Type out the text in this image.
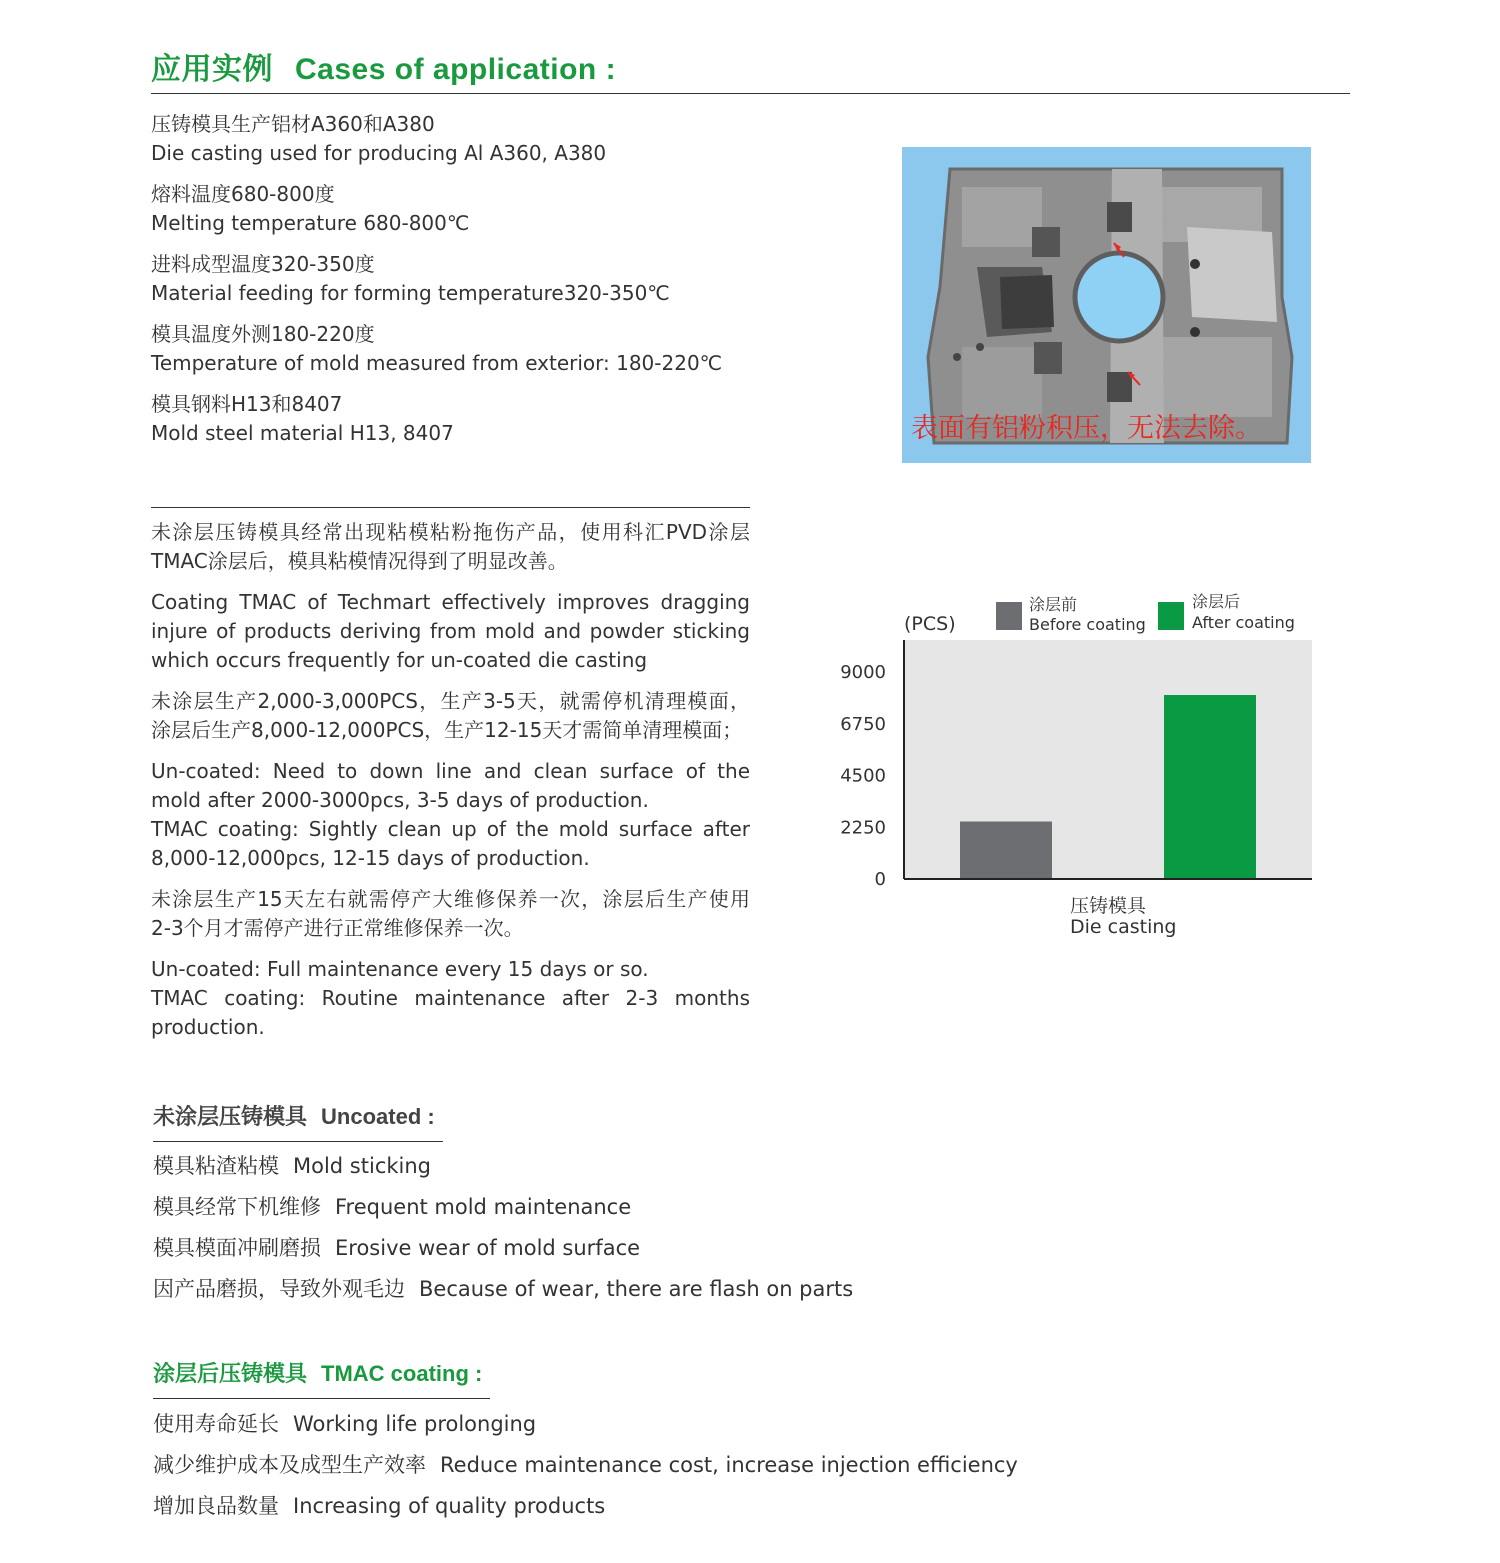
应用实例 Cases of application :
压铸模具生产铝材A360和A380
Die casting used for producing Al A360, A380
熔料温度680-800度
Melting temperature 680-800℃
进料成型温度320-350度
Material feeding for forming temperature320-350℃
模具温度外测180-220度
Temperature of mold measured from exterior: 180-220℃
模具钢料H13和8407
Mold steel material H13, 8407	表面有铝粉积压，无法去除。

未涂层压铸模具经常出现粘模粘粉拖伤产品，使用科汇PVD涂层
TMAC涂层后，模具粘模情况得到了明显改善。

Coating TMAC of Techmart effectively improves dragging
injure of products deriving from mold and powder sticking
which occurs frequently for un-coated die casting

未涂层生产2,000-3,000PCS，生产3-5天，就需停机清理模面，
涂层后生产8,000-12,000PCS，生产12-15天才需简单清理模面；

Un-coated: Need to down line and clean surface of the
mold after 2000-3000pcs, 3-5 days of production.
TMAC coating: Sightly clean up of the mold surface after
8,000-12,000pcs, 12-15 days of production.

未涂层生产15天左右就需停产大维修保养一次，涂层后生产使用
2-3个月才需停产进行正常维修保养一次。

Un-coated: Full maintenance every 15 days or so.
TMAC coating: Routine maintenance after 2-3 months
production.

(PCS)
涂层前
Before coating
涂层后
After coating
0
2250
4500
6750
9000
压铸模具
Die casting
未涂层压铸模具 Uncoated :
模具粘渣粘模 Mold sticking
模具经常下机维修 Frequent mold maintenance
模具模面冲刷磨损 Erosive wear of mold surface
因产品磨损，导致外观毛边 Because of wear, there are flash on parts
涂层后压铸模具 TMAC coating :
使用寿命延长 Working life prolonging
减少维护成本及成型生产效率 Reduce maintenance cost, increase injection efficiency
增加良品数量 Increasing of quality products
